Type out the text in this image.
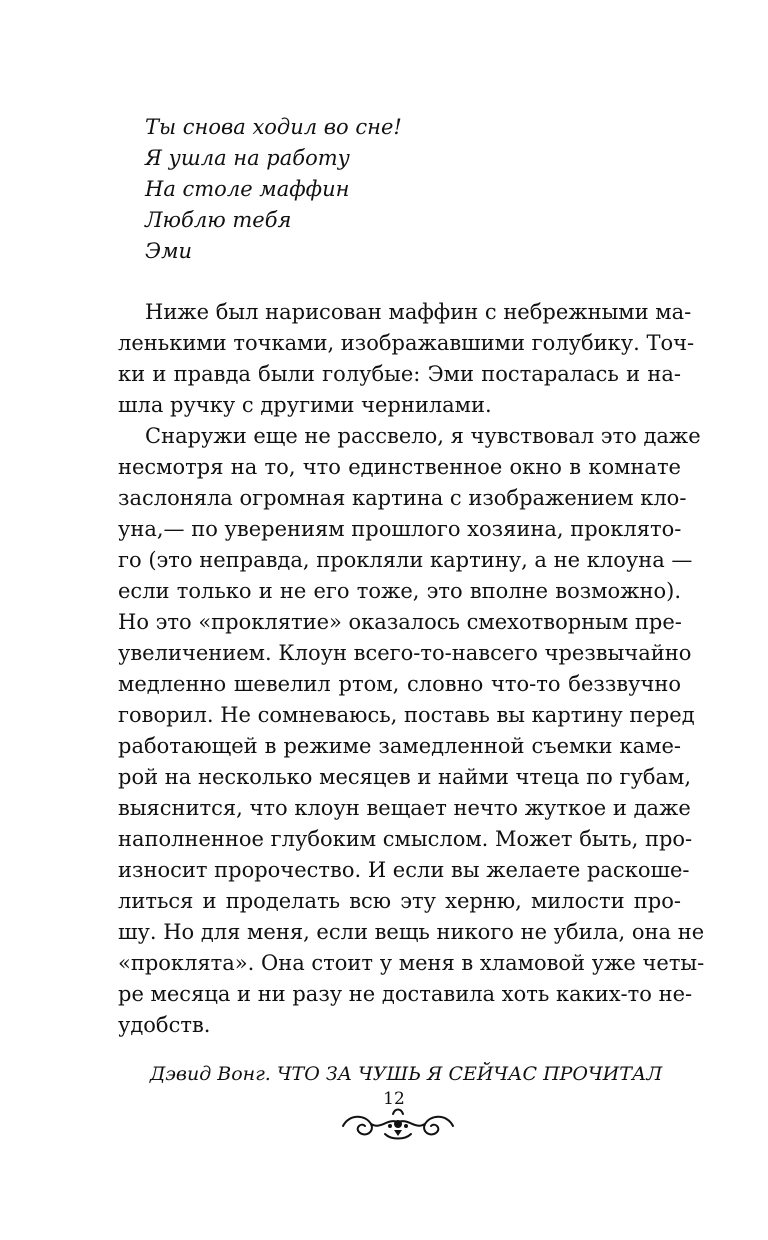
Ты снова ходил во сне!
Я ушла на работу
На столе маффин
Люблю тебя
Эми
Ниже был нарисован маффин с небрежными ма-
ленькими точками, изображавшими голубику. Точ-
ки и правда были голубые: Эми постаралась и на-
шла ручку с другими чернилами.
Снаружи еще не рассвело, я чувствовал это даже
несмотря на то, что единственное окно в комнате
заслоняла огромная картина с изображением кло-
уна,— по уверениям прошлого хозяина, проклято-
го (это неправда, прокляли картину, а не клоуна —
если только и не его тоже, это вполне возможно).
Но это «проклятие» оказалось смехотворным пре-
увеличением. Клоун всего-то-навсего чрезвычайно
медленно шевелил ртом, словно что-то беззвучно
говорил. Не сомневаюсь, поставь вы картину перед
работающей в режиме замедленной съемки каме-
рой на несколько месяцев и найми чтеца по губам,
выяснится, что клоун вещает нечто жуткое и даже
наполненное глубоким смыслом. Может быть, про-
износит пророчество. И если вы желаете раскоше-
литься и проделать всю эту херню, милости про-
шу. Но для меня, если вещь никого не убила, она не
«проклята». Она стоит у меня в хламовой уже четы-
ре месяца и ни разу не доставила хоть каких-то не-
удобств.
Дэвид Вонг. ЧТО ЗА ЧУШЬ Я СЕЙЧАС ПРОЧИТАЛ
12
